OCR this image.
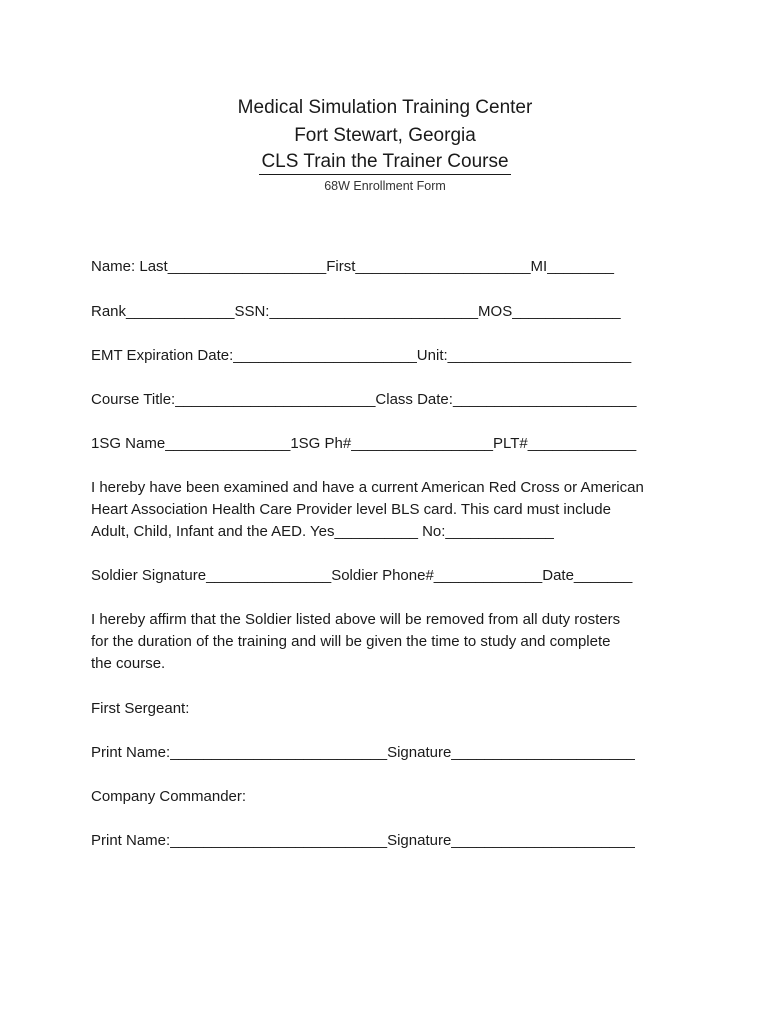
Medical Simulation Training Center
Fort Stewart, Georgia
CLS Train the Trainer Course
68W Enrollment Form
Name: Last___________________First_____________________MI________
Rank_____________SSN:_________________________MOS_____________
EMT Expiration Date:______________________Unit:______________________
Course Title:________________________Class Date:______________________
1SG Name_______________1SG Ph#_________________PLT#_____________
I hereby have been examined and have a current American Red Cross or American
Heart Association Health Care Provider level BLS card. This card must include
Adult, Child, Infant and the AED. Yes__________ No:_____________
Soldier Signature_______________Soldier Phone#_____________Date_______
I hereby affirm that the Soldier listed above will be removed from all duty rosters
for the duration of the training and will be given the time to study and complete
the course.
First Sergeant:
Print Name:__________________________Signature______________________
Company Commander:
Print Name:__________________________Signature______________________
